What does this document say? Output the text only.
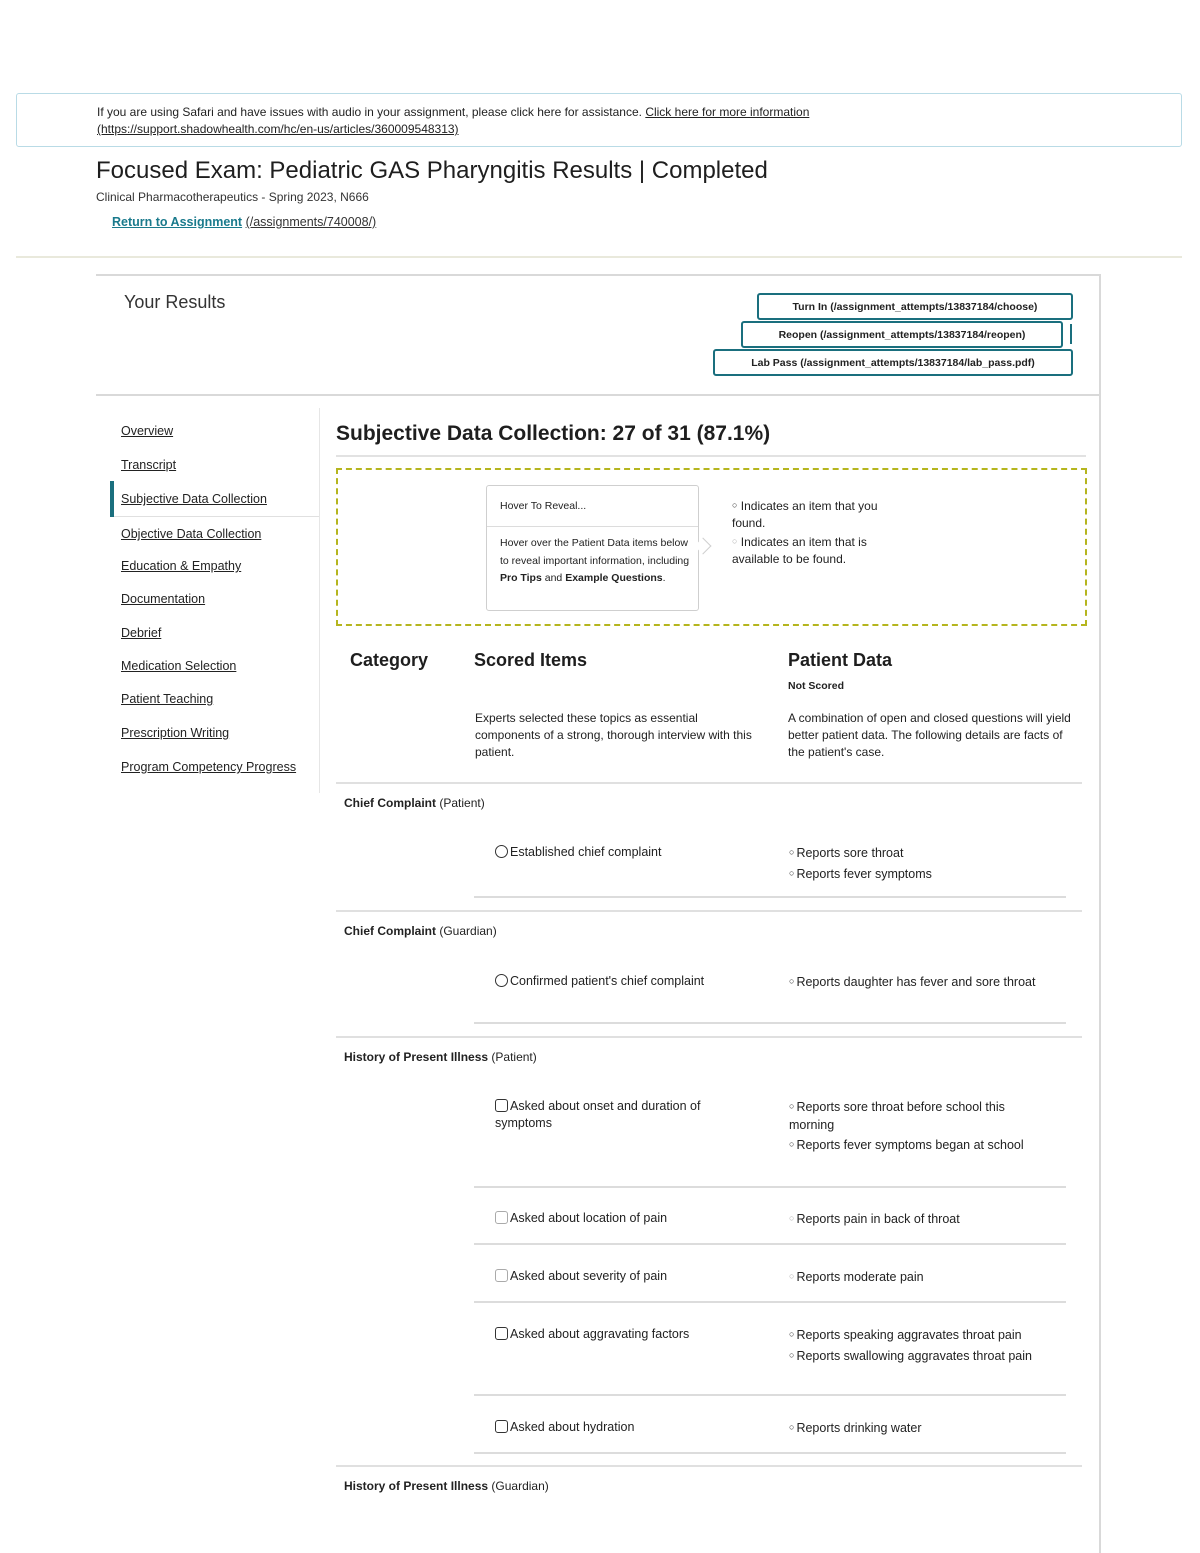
If you are using Safari and have issues with audio in your assignment, please click here for assistance. Click here for more information
(https://support.shadowhealth.com/hc/en-us/articles/360009548313)
Focused Exam: Pediatric GAS Pharyngitis Results | Completed
Clinical Pharmacotherapeutics - Spring 2023, N666
Return to Assignment (/assignments/740008/)
Your Results	Turn In (/assignment_attempts/13837184/choose)
Reopen (/assignment_attempts/13837184/reopen)
Lab Pass (/assignment_attempts/13837184/lab_pass.pdf)
Overview
Transcript
Subjective Data Collection
Objective Data Collection
Education & Empathy
Documentation
Debrief
Medication Selection
Patient Teaching
Prescription Writing
Program Competency Progress
Subjective Data Collection: 27 of 31 (87.1%)
Hover To Reveal...
Hover over the Patient Data items below to reveal important information, including Pro Tips and Example Questions.
○ Indicates an item that you found.
○ Indicates an item that is available to be found.
Category	Scored Items	Patient Data
Not Scored
Experts selected these topics as essential components of a strong, thorough interview with this patient.
A combination of open and closed questions will yield better patient data. The following details are facts of the patient's case.
Chief Complaint (Patient)
Established chief complaint	○ Reports sore throat
○ Reports fever symptoms
Chief Complaint (Guardian)
Confirmed patient's chief complaint	○ Reports daughter has fever and sore throat
History of Present Illness (Patient)
Asked about onset and duration of symptoms
○ Reports sore throat before school this morning
○ Reports fever symptoms began at school
Asked about location of pain	○ Reports pain in back of throat
Asked about severity of pain	○ Reports moderate pain
Asked about aggravating factors	○ Reports speaking aggravates throat pain
○ Reports swallowing aggravates throat pain
Asked about hydration	○ Reports drinking water
History of Present Illness (Guardian)
